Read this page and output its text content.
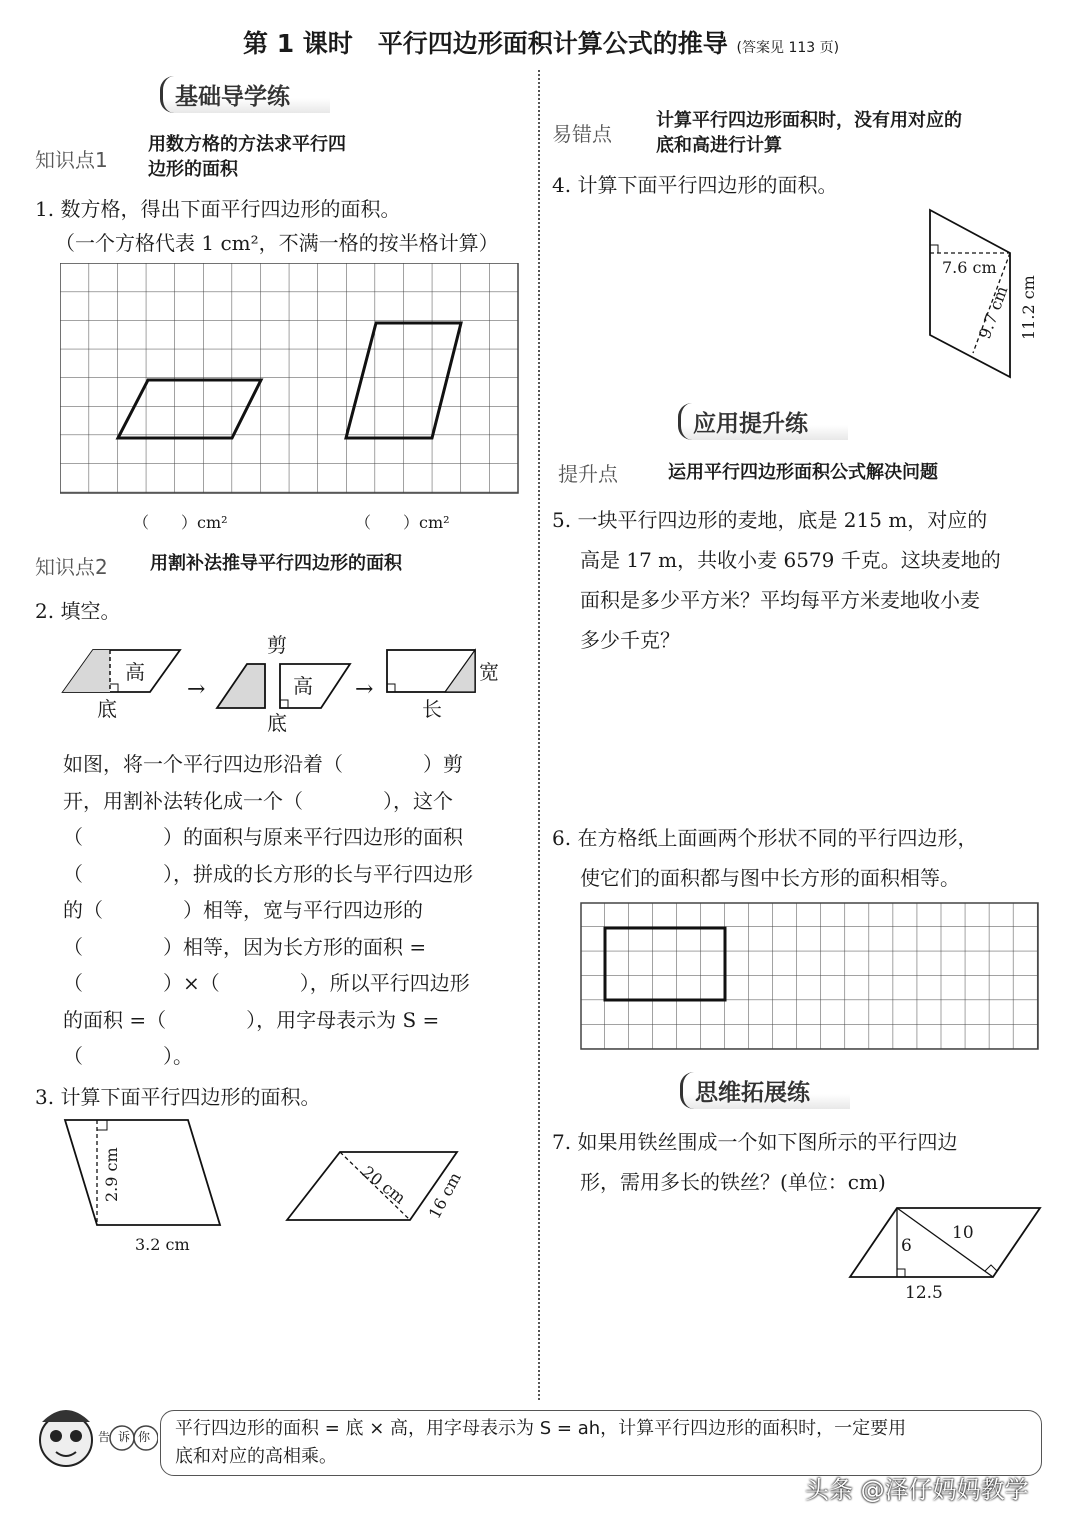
第 1 课时　平行四边形面积计算公式的推导 (答案见 113 页)
基础导学练
知识点1
用数方格的方法求平行四
边形的面积
1. 数方格，得出下面平行四边形的面积。
（一个方格代表 1 cm²，不满一格的按半格计算）
（　　）cm²	（　　）cm²
知识点2 用割补法推导平行四边形的面积
2. 填空。
高
底
→
剪
高
底
→
宽
长
如图，将一个平行四边形沿着（　　　　）剪
开，用割补法转化成一个（　　　　），这个
（　　　　）的面积与原来平行四边形的面积
（　　　　），拼成的长方形的长与平行四边形
的（　　　　）相等，宽与平行四边形的
（　　　　）相等，因为长方形的面积 =
（　　　　）×（　　　　），所以平行四边形
的面积 =（　　　　），用字母表示为 S =
（　　　　）。
3. 计算下面平行四边形的面积。
2.9 cm
3.2 cm
20 cm 16 cm
易错点
计算平行四边形面积时，没有用对应的
底和高进行计算
4. 计算下面平行四边形的面积。
7.6 cm
9.7 cm 11.2 cm
应用提升练
提升点	运用平行四边形面积公式解决问题
5. 一块平行四边形的麦地，底是 215 m，对应的
高是 17 m，共收小麦 6579 千克。这块麦地的
面积是多少平方米？平均每平方米麦地收小麦
多少千克？
6. 在方格纸上面画两个形状不同的平行四边形，
使它们的面积都与图中长方形的面积相等。
思维拓展练
7. 如果用铁丝围成一个如下图所示的平行四边
形，需用多长的铁丝？(单位：cm)
6
10
12.5
告诉你 平行四边形的面积 = 底 × 高，用字母表示为 S = ah，计算平行四边形的面积时，一定要用
底和对应的高相乘。
头条 @泽仔妈妈教学
